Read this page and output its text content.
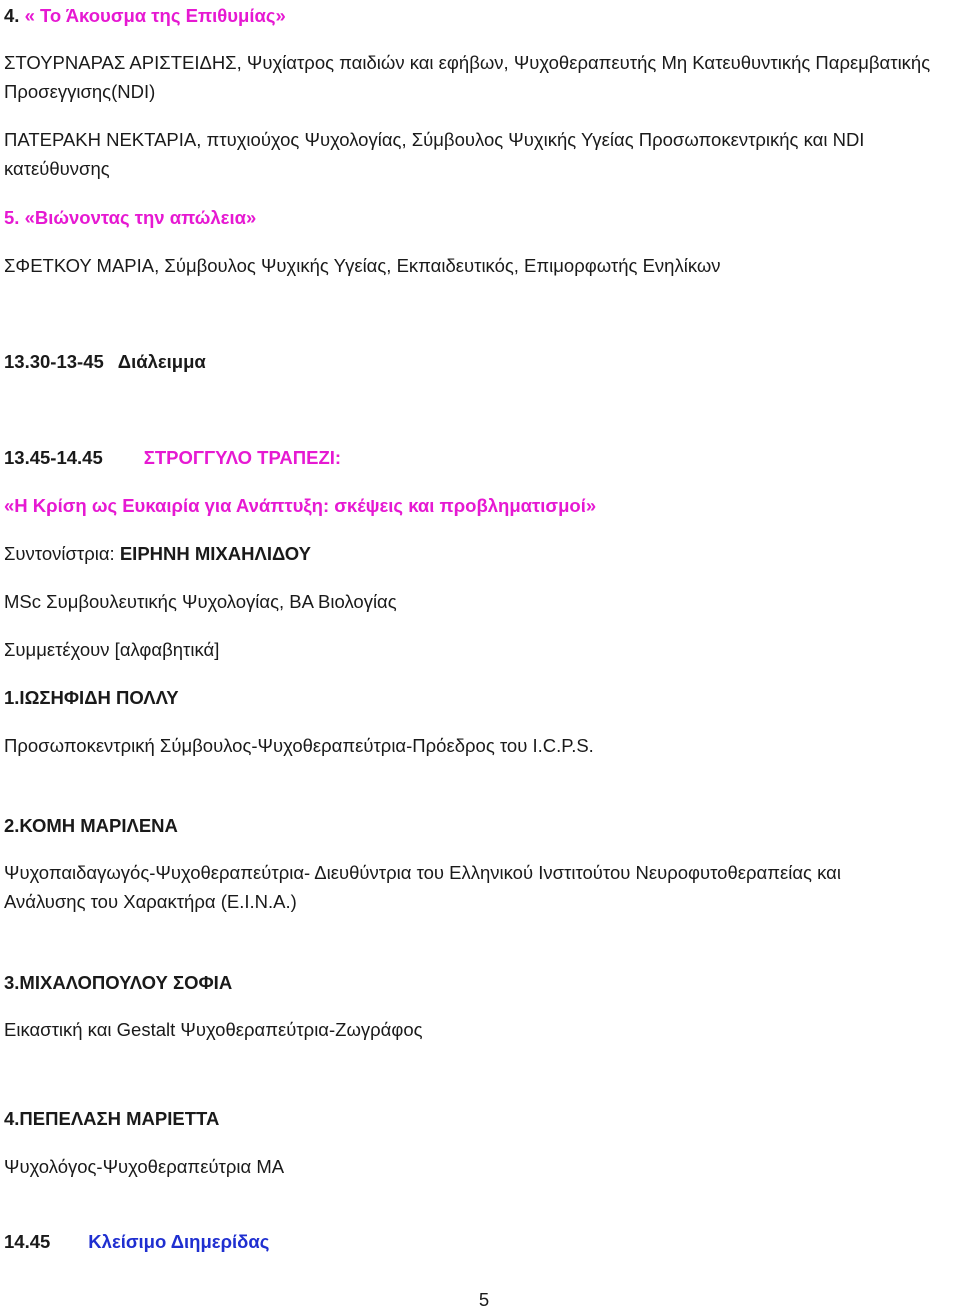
4. « Το Άκουσμα της Επιθυμίας»
ΣΤΟΥΡΝΑΡΑΣ ΑΡΙΣΤΕΙΔΗΣ, Ψυχίατρος παιδιών και εφήβων, Ψυχοθεραπευτής Μη Κατευθυντικής Παρεμβατικής Προσεγγισης(NDI)
ΠΑΤΕΡΑΚΗ ΝΕΚΤΑΡΙΑ, πτυχιούχος Ψυχολογίας, Σύμβουλος Ψυχικής Υγείας Προσωποκεντρικής και NDI κατεύθυνσης
5. «Βιώνοντας την απώλεια»
ΣΦΕΤΚΟΥ ΜΑΡΙΑ, Σύμβουλος Ψυχικής Υγείας, Εκπαιδευτικός, Επιμορφωτής Ενηλίκων
13.30-13-45 Διάλειμμα
13.45-14.45 ΣΤΡΟΓΓΥΛΟ ΤΡΑΠΕΖΙ:
«Η Κρίση ως Ευκαιρία για Ανάπτυξη: σκέψεις και προβληματισμοί»
Συντονίστρια: ΕΙΡΗΝΗ ΜΙΧΑΗΛΙΔΟΥ
MSc Συμβουλευτικής Ψυχολογίας, BA Βιολογίας
Συμμετέχουν [αλφαβητικά]
1.ΙΩΣΗΦΙΔΗ ΠΟΛΛΥ
Προσωποκεντρική Σύμβουλος-Ψυχοθεραπεύτρια-Πρόεδρος του I.C.P.S.
2.ΚΟΜΗ ΜΑΡΙΛΕΝΑ
Ψυχοπαιδαγωγός-Ψυχοθεραπεύτρια- Διευθύντρια του Ελληνικού Ινστιτούτου Νευροφυτοθεραπείας και Ανάλυσης του Χαρακτήρα (Ε.Ι.Ν.Α.)
3.ΜΙΧΑΛΟΠΟΥΛΟΥ ΣΟΦΙΑ
Εικαστική και Gestalt Ψυχοθεραπεύτρια-Ζωγράφος
4.ΠΕΠΕΛΑΣΗ ΜΑΡΙΕΤΤΑ
Ψυχολόγος-Ψυχοθεραπεύτρια ΜΑ
14.45 Κλείσιμο Διημερίδας
5
